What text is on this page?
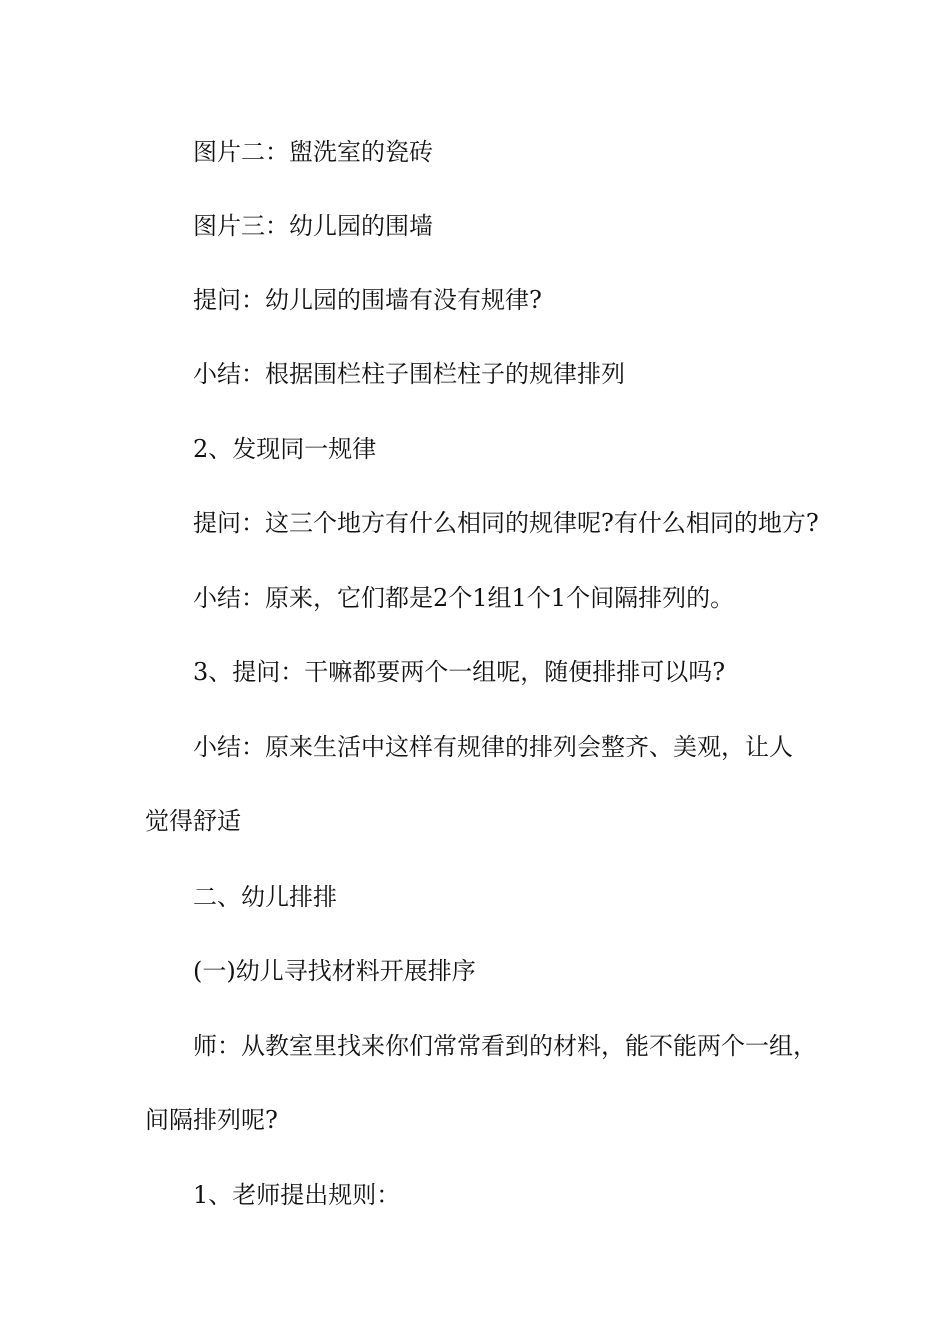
图片二：盥洗室的瓷砖
图片三：幼儿园的围墙
提问：幼儿园的围墙有没有规律?
小结：根据围栏柱子围栏柱子的规律排列
2、发现同一规律
提问：这三个地方有什么相同的规律呢?有什么相同的地方?
小结：原来，它们都是2个1组1个1个间隔排列的。
3、提问：干嘛都要两个一组呢，随便排排可以吗?
小结：原来生活中这样有规律的排列会整齐、美观，让人
觉得舒适
二、幼儿排排
(一)幼儿寻找材料开展排序
师：从教室里找来你们常常看到的材料，能不能两个一组，
间隔排列呢?
1、老师提出规则：
